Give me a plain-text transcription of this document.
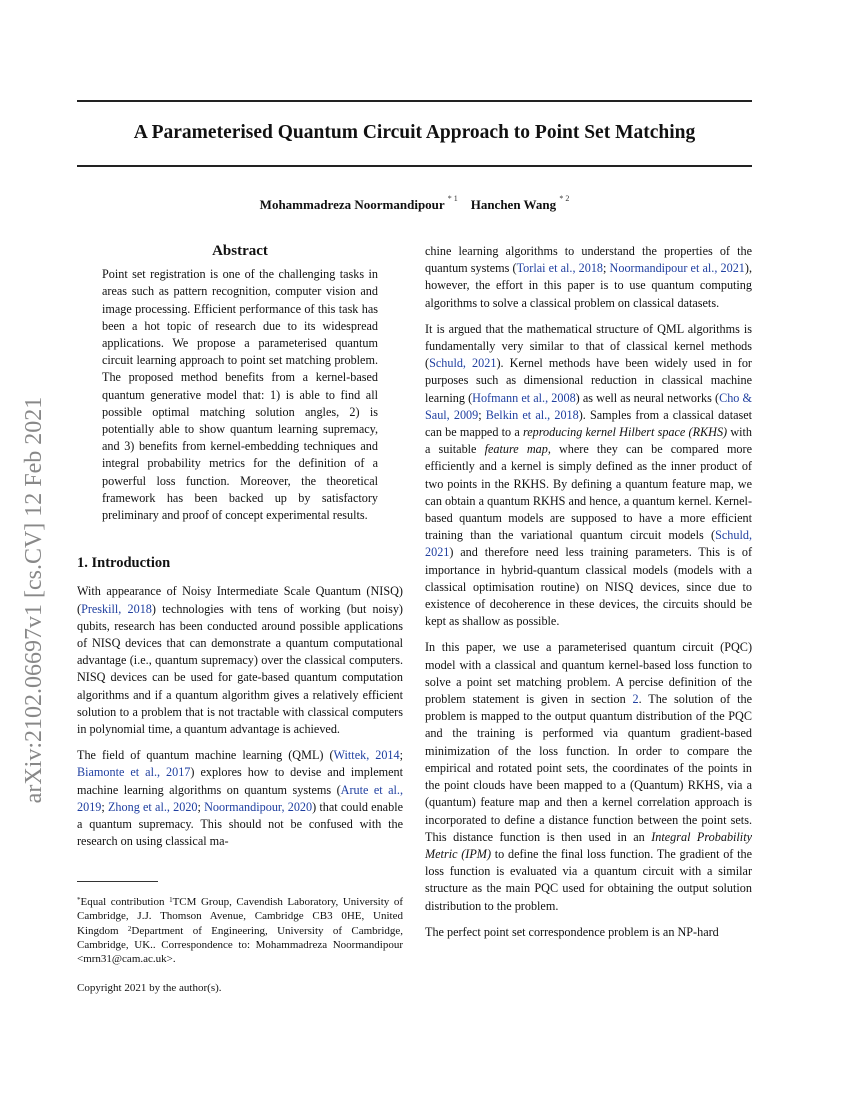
arXiv:2102.06697v1 [cs.CV] 12 Feb 2021
A Parameterised Quantum Circuit Approach to Point Set Matching
Mohammadreza Noormandipour $^{* 1}$ Hanchen Wang $^{* 2}$
Abstract

Point set registration is one of the challenging tasks in areas such as pattern recognition, computer vision and image processing. Efficient performance of this task has been a hot topic of research due to its widespread applications. We propose a parameterised quantum circuit learning approach to point set matching problem. The proposed method benefits from a kernel-based quantum generative model that: 1) is able to find all possible optimal matching solution angles, 2) is potentially able to show quantum learning supremacy, and 3) benefits from kernel-embedding techniques and integral probability metrics for the definition of a powerful loss function. Moreover, the theoretical framework has been backed up by satisfactory preliminary and proof of concept experimental results.

1. Introduction

With appearance of Noisy Intermediate Scale Quantum (NISQ) (Preskill, 2018) technologies with tens of working (but noisy) qubits, research has been conducted around possible applications of NISQ devices that can demonstrate a quantum computational advantage (i.e., quantum supremacy) over the classical computers. NISQ devices can be used for gate-based quantum computation algorithms and if a quantum algorithm gives a relatively efficient solution to a problem that is not tractable with classical computers in polynomial time, a quantum advantage is achieved.

The field of quantum machine learning (QML) (Wittek, 2014; Biamonte et al., 2017) explores how to devise and implement machine learning algorithms on quantum systems (Arute et al., 2019; Zhong et al., 2020; Noormandipour, 2020) that could enable a quantum supremacy. This should not be confused with the research on using classical ma-

*Equal contribution $^1$TCM Group, Cavendish Laboratory, University of Cambridge, J.J. Thomson Avenue, Cambridge CB3 0HE, United Kingdom $^2$Department of Engineering, University of Cambridge, Cambridge, UK.. Correspondence to: Mohammadreza Noormandipour <mrn31@cam.ac.uk>.
Copyright 2021 by the author(s).

chine learning algorithms to understand the properties of the quantum systems (Torlai et al., 2018; Noormandipour et al., 2021), however, the effort in this paper is to use quantum computing algorithms to solve a classical problem on classical datasets.

It is argued that the mathematical structure of QML algorithms is fundamentally very similar to that of classical kernel methods (Schuld, 2021). Kernel methods have been widely used in for purposes such as dimensional reduction in classical machine learning (Hofmann et al., 2008) as well as neural networks (Cho & Saul, 2009; Belkin et al., 2018). Samples from a classical dataset can be mapped to a reproducing kernel Hilbert space (RKHS) with a suitable feature map, where they can be compared more efficiently and a kernel is simply defined as the inner product of two points in the RKHS. By defining a quantum feature map, we can obtain a quantum RKHS and hence, a quantum kernel. Kernel-based quantum models are supposed to have a more efficient training than the variational quantum circuit models (Schuld, 2021) and therefore need less training parameters. This is of importance in hybrid-quantum classical models (models with a classical optimisation routine) on NISQ devices, since due to existence of decoherence in these devices, the circuits should be kept as shallow as possible.

In this paper, we use a parameterised quantum circuit (PQC) model with a classical and quantum kernel-based loss function to solve a point set matching problem. A percise definition of the problem statement is given in section 2. The solution of the problem is mapped to the output quantum distribution of the PQC and the training is performed via quantum gradient-based minimization of the loss function. In order to compare the empirical and rotated point sets, the coordinates of the points in the point clouds have been mapped to a (Quantum) RKHS, via a (quantum) feature map and then a kernel correlation approach is incorporated to define a distance function between the point sets. This distance function is then used in an Integral Probability Metric (IPM) to define the final loss function. The gradient of the loss function is evaluated via a quantum circuit with a similar structure as the main PQC used for obtaining the output solution distribution to the problem.

The perfect point set correspondence problem is an NP-hard
